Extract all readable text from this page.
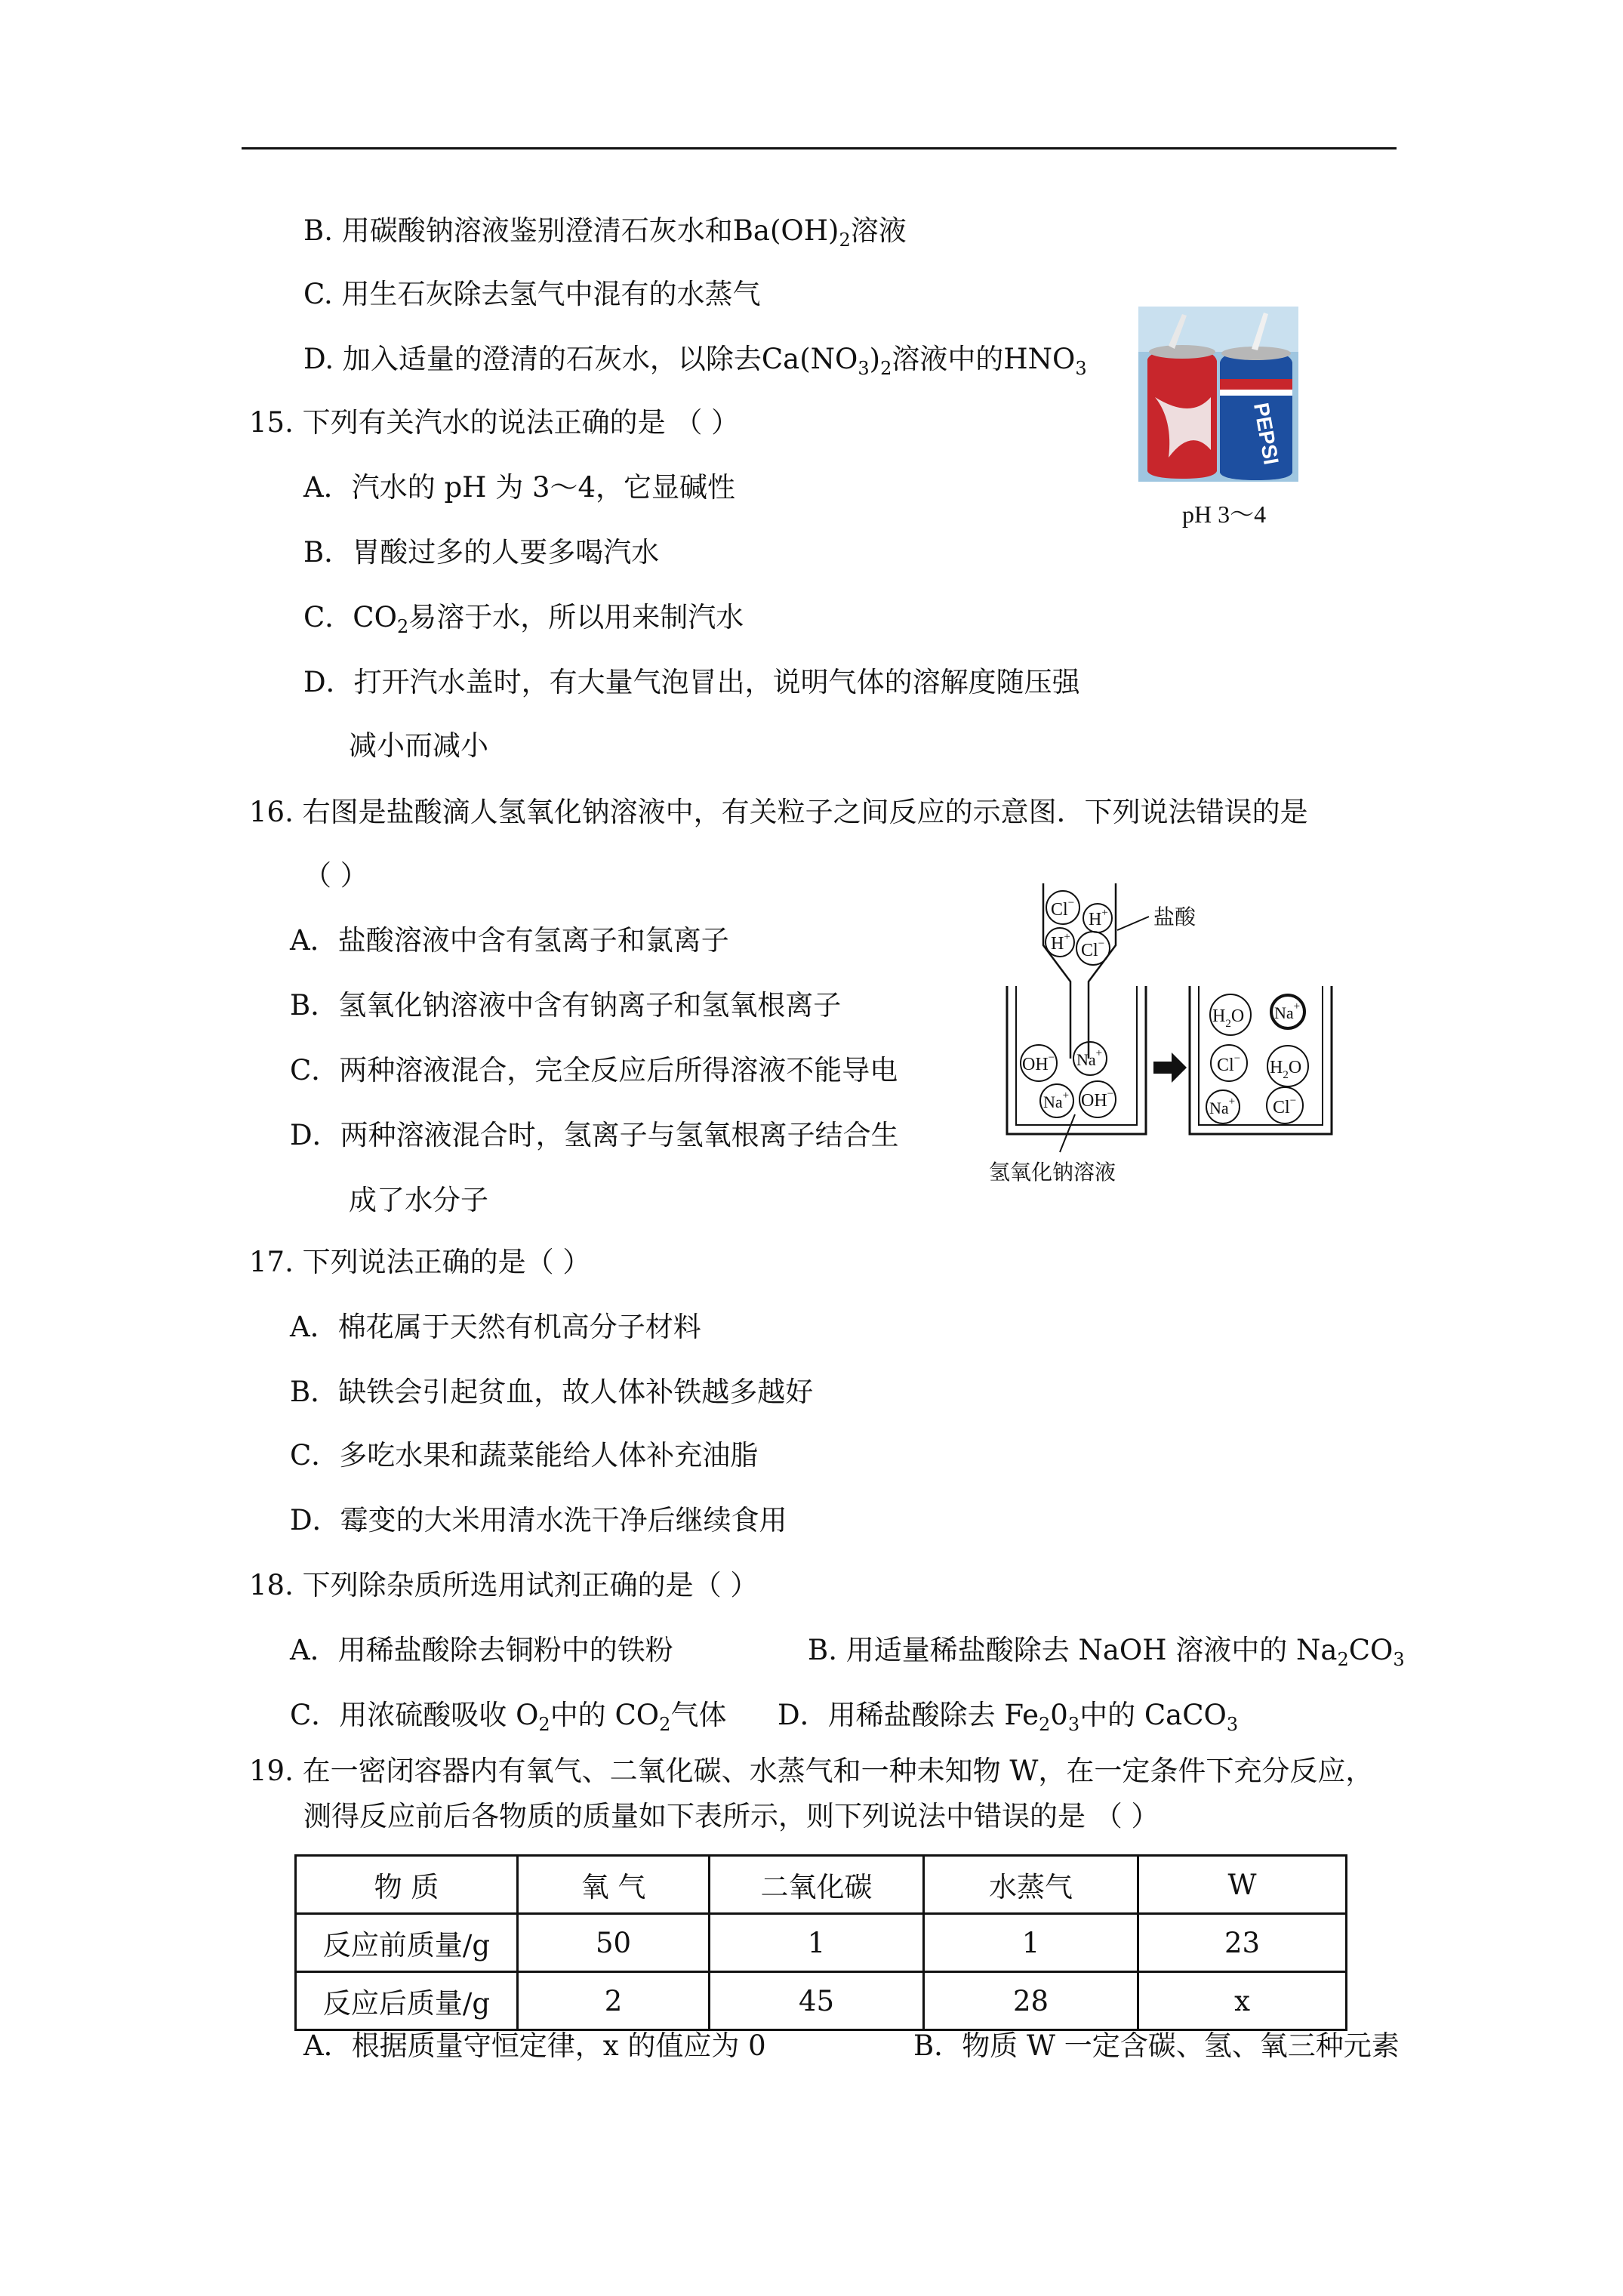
B. 用碳酸钠溶液鉴别澄清石灰水和$Ba(OH)_2$溶液
C. 用生石灰除去氢气中混有的水蒸气
D. 加入适量的澄清的石灰水，以除去$Ca(NO_3)_2$溶液中的$HNO_3$
15. 下列有关汽水的说法正确的是 （ ）
A．汽水的 pH 为 3～4，它显碱性
B．胃酸过多的人要多喝汽水
C．$CO_2$易溶于水，所以用来制汽水
D．打开汽水盖时，有大量气泡冒出，说明气体的溶解度随压强
减小而减小
PEPSI
pH 3～4
16. 右图是盐酸滴人氢氧化钠溶液中，有关粒子之间反应的示意图．下列说法错误的是
（ ）
A．盐酸溶液中含有氢离子和氯离子
B．氢氧化钠溶液中含有钠离子和氢氧根离子
C．两种溶液混合，完全反应后所得溶液不能导电
D．两种溶液混合时，氢离子与氢氧根离子结合生
成了水分子
Cl−
H+
H+
Cl−
盐酸
OH− Na+
Na+ OH−
氢氧化钠溶液
$H_2O$ Na+
Cl− $H_2O$
Na+ Cl−
17. 下列说法正确的是（ ）
A．棉花属于天然有机高分子材料
B．缺铁会引起贫血，故人体补铁越多越好
C．多吃水果和蔬菜能给人体补充油脂
D．霉变的大米用清水洗干净后继续食用
18. 下列除杂质所选用试剂正确的是（ ）
A．用稀盐酸除去铜粉中的铁粉	B. 用适量稀盐酸除去 NaOH 溶液中的 $Na_2CO_3$
C．用浓硫酸吸收 $O_2$中的 $CO_2$气体 D．用稀盐酸除去 $Fe_20_3$中的 CaCO$_3$
19. 在一密闭容器内有氧气、二氧化碳、水蒸气和一种未知物 W，在一定条件下充分反应，
测得反应前后各物质的质量如下表所示，则下列说法中错误的是 （ ）
物 质	氧 气	二氧化碳	水蒸气	W
反应前质量/g	50	1	1	23
反应后质量/g	2	45	28	x
A．根据质量守恒定律，x 的值应为 0	B．物质 W 一定含碳、氢、氧三种元素
